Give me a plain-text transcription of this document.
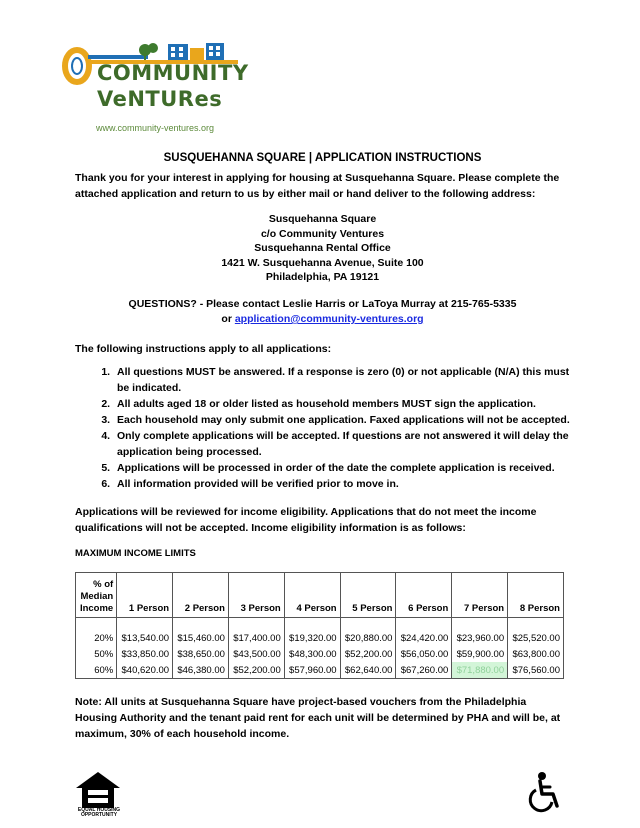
COMMUNITY
VeNTURes
www.community-ventures.org
SUSQUEHANNA SQUARE | APPLICATION INSTRUCTIONS
Thank you for your interest in applying for housing at Susquehanna Square. Please complete the attached application and return to us by either mail or hand deliver to the following address:
Susquehanna Square
c/o Community Ventures
Susquehanna Rental Office
1421 W. Susquehanna Avenue, Suite 100
Philadelphia, PA 19121
QUESTIONS? - Please contact Leslie Harris or LaToya Murray at 215-765-5335
or application@community-ventures.org
The following instructions apply to all applications:
1. All questions MUST be answered. If a response is zero (0) or not applicable (N/A) this must be indicated.
2. All adults aged 18 or older listed as household members MUST sign the application.
3. Each household may only submit one application. Faxed applications will not be accepted.
4. Only complete applications will be accepted. If questions are not answered it will delay the application being processed.
5. Applications will be processed in order of the date the complete application is received.
6. All information provided will be verified prior to move in.
Applications will be reviewed for income eligibility. Applications that do not meet the income qualifications will not be accepted. Income eligibility information is as follows:
MAXIMUM INCOME LIMITS
% of
Median
Income	1 Person	2 Person	3 Person	4 Person	5 Person	6 Person	7 Person	8 Person

20%	$13,540.00	$15,460.00	$17,400.00	$19,320.00	$20,880.00	$24,420.00	$23,960.00	$25,520.00
50%	$33,850.00	$38,650.00	$43,500.00	$48,300.00	$52,200.00	$56,050.00	$59,900.00	$63,800.00
60%	$40,620.00	$46,380.00	$52,200.00	$57,960.00	$62,640.00	$67,260.00	$71,880.00	$76,560.00
Note: All units at Susquehanna Square have project-based vouchers from the Philadelphia Housing Authority and the tenant paid rent for each unit will be determined by PHA and will be, at maximum, 30% of each household income.
EQUAL HOUSING
OPPORTUNITY
